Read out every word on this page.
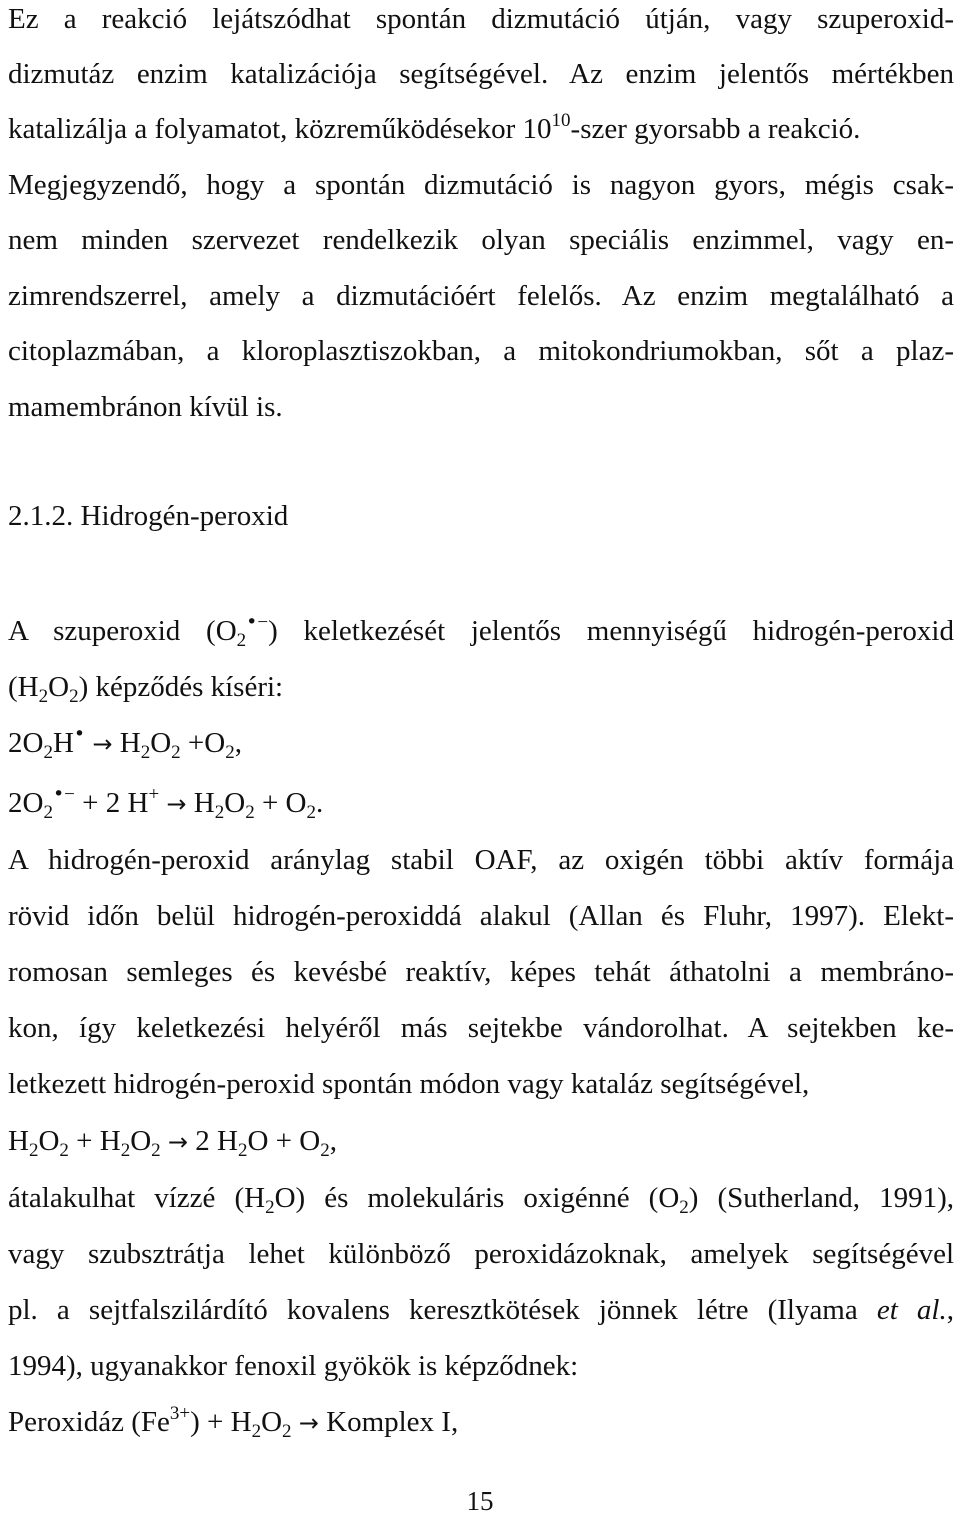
Ez a reakció lejátszódhat spontán dizmutáció útján, vagy szuperoxid-
dizmutáz enzim katalizációja segítségével. Az enzim jelentős mértékben
katalizálja a folyamatot, közreműködésekor $10^{10}$-szer gyorsabb a reakció.
Megjegyzendő, hogy a spontán dizmutáció is nagyon gyors, mégis csak-
nem minden szervezet rendelkezik olyan speciális enzimmel, vagy en-
zimrendszerrel, amely a dizmutációért felelős. Az enzim megtalálható a
citoplazmában, a kloroplasztiszokban, a mitokondriumokban, sőt a plaz-
mamembránon kívül is.
2.1.2. Hidrogén-peroxid
A szuperoxid $(O_2^{•-})$ keletkezését jelentős mennyiségű hidrogén-peroxid
$(H_2O_2)$ képződés kíséri:
$2O_2H^• \to H_2O_2 +O_2$,
$2O_2^{•-} + 2$ $H^+ \to H_2O_2 + O_2$.
A hidrogén-peroxid aránylag stabil OAF, az oxigén többi aktív formája
rövid időn belül hidrogén-peroxiddá alakul (Allan és Fluhr, 1997). Elekt-
romosan semleges és kevésbé reaktív, képes tehát áthatolni a membráno-
kon, így keletkezési helyéről más sejtekbe vándorolhat. A sejtekben ke-
letkezett hidrogén-peroxid spontán módon vagy kataláz segítségével,
$H_2O_2 + H_2O_2 \to 2$ $H_2O + O_2$,
átalakulhat vízzé $(H_2O)$ és molekuláris oxigénné $(O_2)$ (Sutherland, 1991),
vagy szubsztrátja lehet különböző peroxidázoknak, amelyek segítségével
pl. a sejtfalszilárdító kovalens keresztkötések jönnek létre (Ilyama et al.,
1994), ugyanakkor fenoxil gyökök is képződnek:
Peroxidáz $(Fe^{3+}) + H_2O_2$ → Komplex I,
15
